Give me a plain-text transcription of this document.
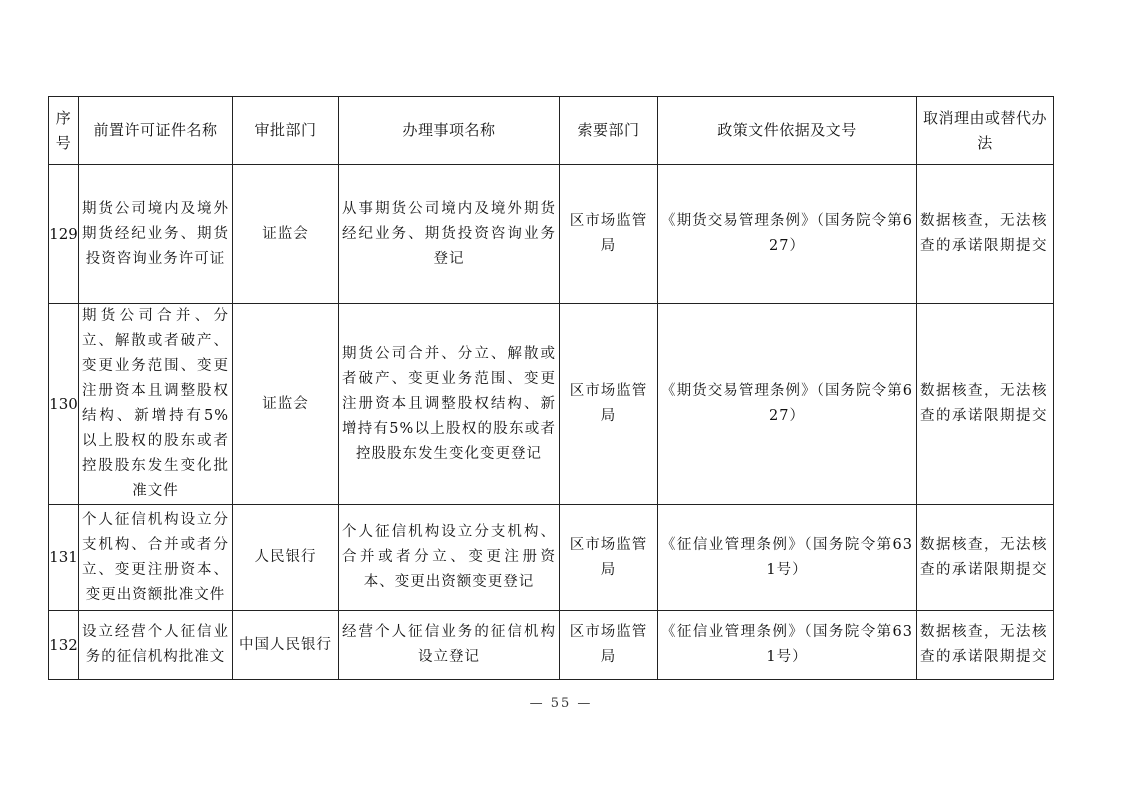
序号	前置许可证件名称	审批部门	办理事项名称	索要部门	政策文件依据及文号	取消理由或替代办法
129	期货公司境内及境外期货经纪业务、期货投资咨询业务许可证	证监会	从事期货公司境内及境外期货经纪业务、期货投资咨询业务登记	区市场监管局	《期货交易管理条例》（国务院令第627）	数据核查，无法核查的承诺限期提交
130	期货公司合并、分立、解散或者破产、变更业务范围、变更注册资本且调整股权结构、新增持有5%以上股权的股东或者控股股东发生变化批准文件	证监会	期货公司合并、分立、解散或者破产、变更业务范围、变更注册资本且调整股权结构、新增持有5%以上股权的股东或者控股股东发生变化变更登记	区市场监管局	《期货交易管理条例》（国务院令第627）	数据核查，无法核查的承诺限期提交
131	个人征信机构设立分支机构、合并或者分立、变更注册资本、变更出资额批准文件	人民银行	个人征信机构设立分支机构、合并或者分立、变更注册资本、变更出资额变更登记	区市场监管局	《征信业管理条例》（国务院令第631号）	数据核查，无法核查的承诺限期提交
132	设立经营个人征信业务的征信机构批准文	中国人民银行	经营个人征信业务的征信机构设立登记	区市场监管局	《征信业管理条例》（国务院令第631号）	数据核查，无法核查的承诺限期提交
— 55 —
